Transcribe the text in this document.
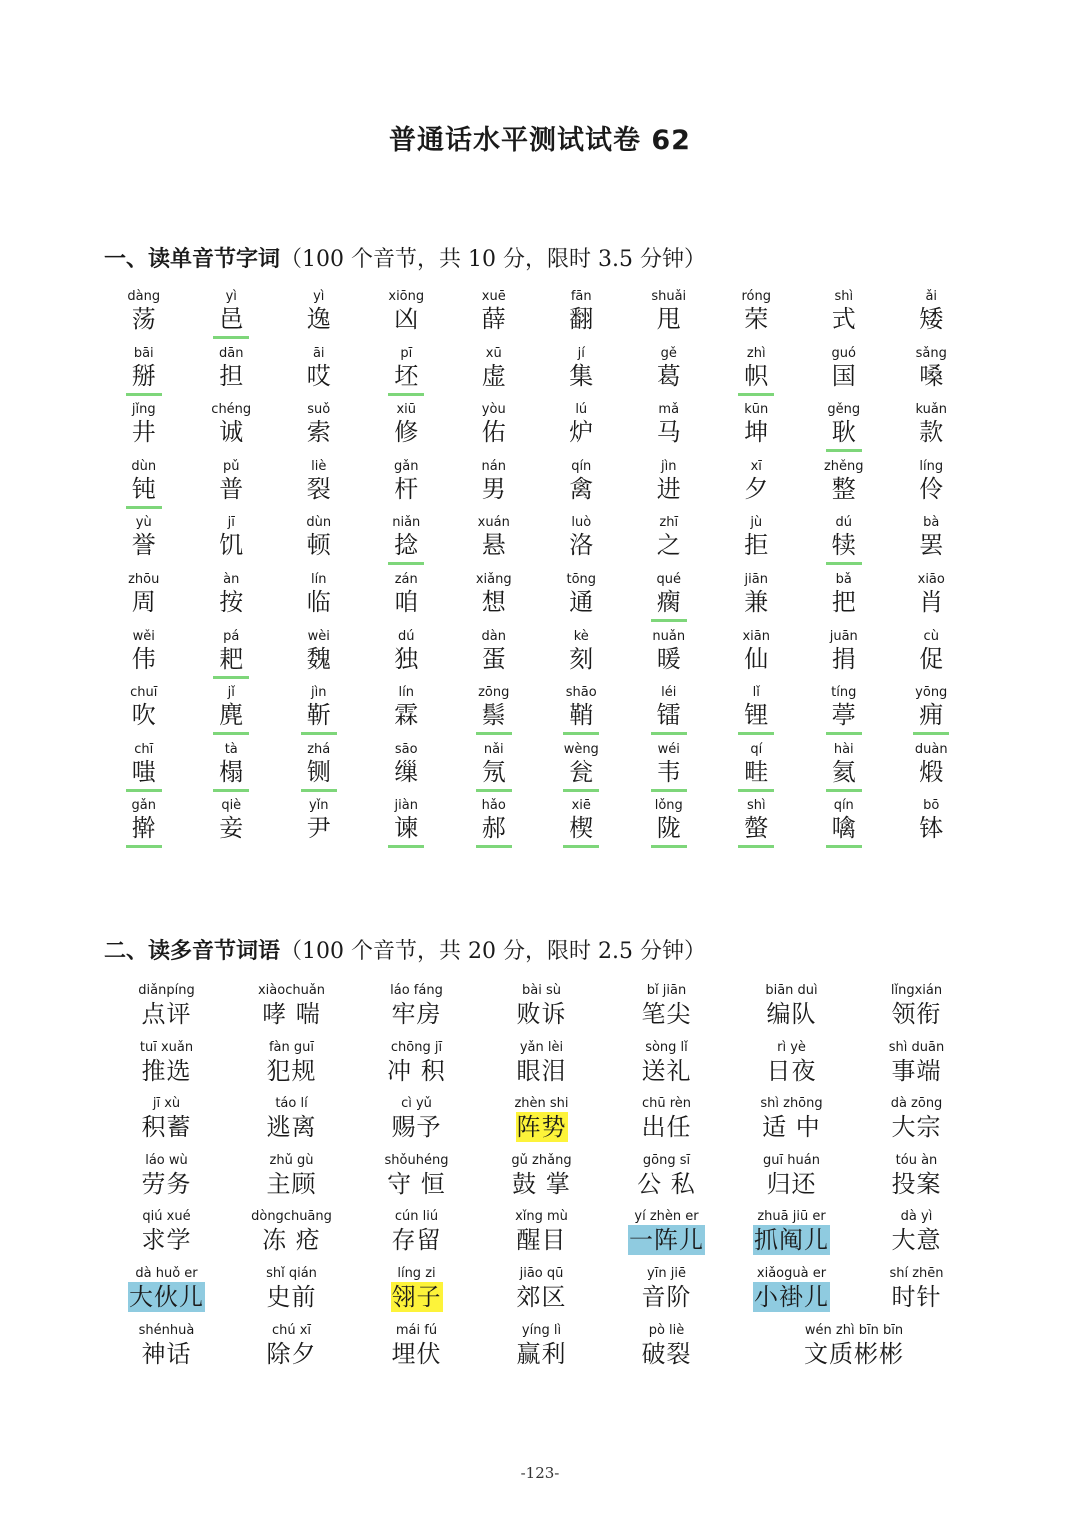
普通话水平测试试卷 62
一、读单音节字词（100 个音节，共 10 分，限时 3.5 分钟）
dàng
荡
yì
邑
yì
逸
xiōng
凶
xuē
薛
fān
翻
shuǎi
甩
róng
荣
shì
式
ǎi
矮
bāi
掰
dān
担
āi
哎
pī
坯
xū
虚
jí
集
gě
葛
zhì
帜
guó
国
sǎng
嗓
jǐng
井
chéng
诚
suǒ
索
xiū
修
yòu
佑
lú
炉
mǎ
马
kūn
坤
gěng
耿
kuǎn
款
dùn
钝
pǔ
普
liè
裂
gǎn
杆
nán
男
qín
禽
jìn
进
xī
夕
zhěng
整
líng
伶
yù
誉
jī
饥
dùn
顿
niǎn
捻
xuán
悬
luò
洛
zhī
之
jù
拒
dú
犊
bà
罢
zhōu
周
àn
按
lín
临
zán
咱
xiǎng
想
tōng
通
qué
瘸
jiān
兼
bǎ
把
xiāo
肖
wěi
伟
pá
耙
wèi
魏
dú
独
dàn
蛋
kè
刻
nuǎn
暖
xiān
仙
juān
捐
cù
促
chuī
吹
jǐ
麂
jìn
靳
lín
霖
zōng
鬃
shāo
鞘
léi
镭
lǐ
锂
tíng
葶
yōng
痈
chī
嗤
tà
榻
zhá
铡
sāo
缫
nǎi
氖
wèng
瓮
wéi
韦
qí
畦
hài
氦
duàn
煅
gǎn
擀
qiè
妾
yǐn
尹
jiàn
谏
hǎo
郝
xiē
楔
lǒng
陇
shì
螫
qín
噙
bō
钵
二、读多音节词语（100 个音节，共 20 分，限时 2.5 分钟）
diǎnpíng
点评
xiàochuǎn
哮 喘
láo fáng
牢房
bài sù
败诉
bǐ jiān
笔尖
biān duì
编队
lǐngxián
领衔
tuī xuǎn
推选
fàn guī
犯规
chōng jī
冲 积
yǎn lèi
眼泪
sòng lǐ
送礼
rì yè
日夜
shì duān
事端
jī xù
积蓄
táo lí
逃离
cì yǔ
赐予
zhèn shi
阵势
chū rèn
出任
shì zhōng
适 中
dà zōng
大宗
láo wù
劳务
zhǔ gù
主顾
shǒuhéng
守 恒
gǔ zhǎng
鼓 掌
gōng sī
公 私
guī huán
归还
tóu àn
投案
qiú xué
求学
dòngchuāng
冻 疮
cún liú
存留
xǐng mù
醒目
yí zhèn er
一阵儿
zhuā jiū er
抓阄儿
dà yì
大意
dà huǒ er
大伙儿
shǐ qián
史前
líng zi
翎子
jiāo qū
郊区
yīn jiē
音阶
xiǎoguà er
小褂儿
shí zhēn
时针
shénhuà
神话
chú xī
除夕
mái fú
埋伏
yíng lì
赢利
pò liè
破裂
wén zhì bīn bīn
文质彬彬
-123-
